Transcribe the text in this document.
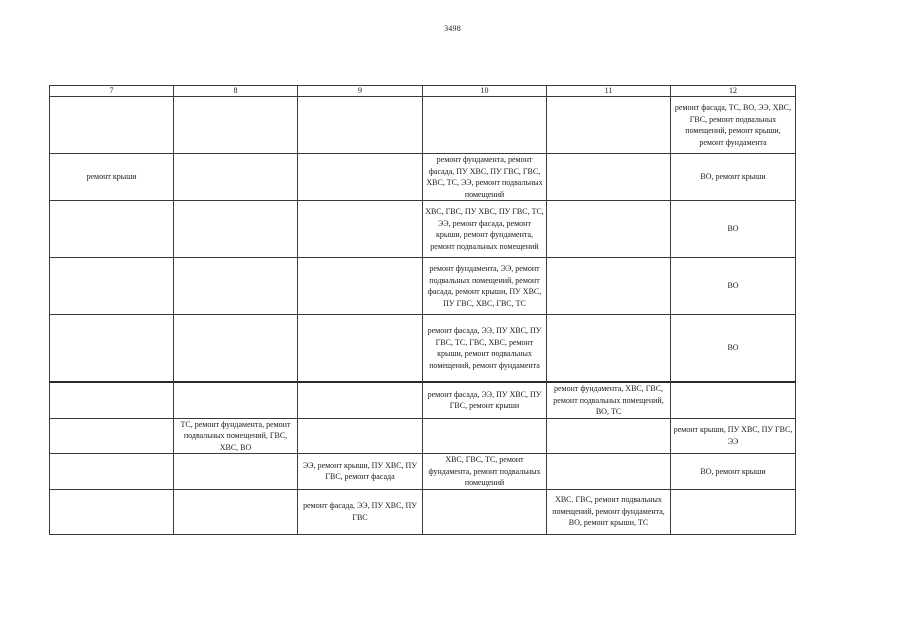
3498
7	8	9	10	11	12
					ремонт фасада, ТС, ВО, ЭЭ, ХВС, ГВС, ремонт подвальных помещений, ремонт крыши, ремонт фундамента
ремонт крыши			ремонт фундамента, ремонт фасада, ПУ ХВС, ПУ ГВС, ГВС, ХВС, ТС, ЭЭ, ремонт подвальных помещений		ВО, ремонт крыши
			ХВС, ГВС, ПУ ХВС, ПУ ГВС, ТС, ЭЭ, ремонт фасада, ремонт крыши, ремонт фундамента, ремонт подвальных помещений		ВО
			ремонт фундамента, ЭЭ, ремонт подвальных помещений, ремонт фасада, ремонт крыши, ПУ ХВС, ПУ ГВС, ХВС, ГВС, ТС		ВО
			ремонт фасада, ЭЭ, ПУ ХВС, ПУ ГВС, ТС, ГВС, ХВС, ремонт крыши, ремонт подвальных помещений, ремонт фундамента		ВО
			ремонт фасада, ЭЭ, ПУ ХВС, ПУ ГВС, ремонт крыши	ремонт фундамента, ХВС, ГВС, ремонт подвальных помещений, ВО, ТС	
	ТС, ремонт фундамента, ремонт подвальных помещений, ГВС, ХВС, ВО				ремонт крыши, ПУ ХВС, ПУ ГВС, ЭЭ
		ЭЭ, ремонт крыши, ПУ ХВС, ПУ ГВС, ремонт фасада	ХВС, ГВС, ТС, ремонт фундамента, ремонт подвальных помещений		ВО, ремонт крыши
		ремонт фасада, ЭЭ, ПУ ХВС, ПУ ГВС		ХВС. ГВС, ремонт подвальных помещений, ремонт фундамента, ВО, ремонт крыши, ТС	
